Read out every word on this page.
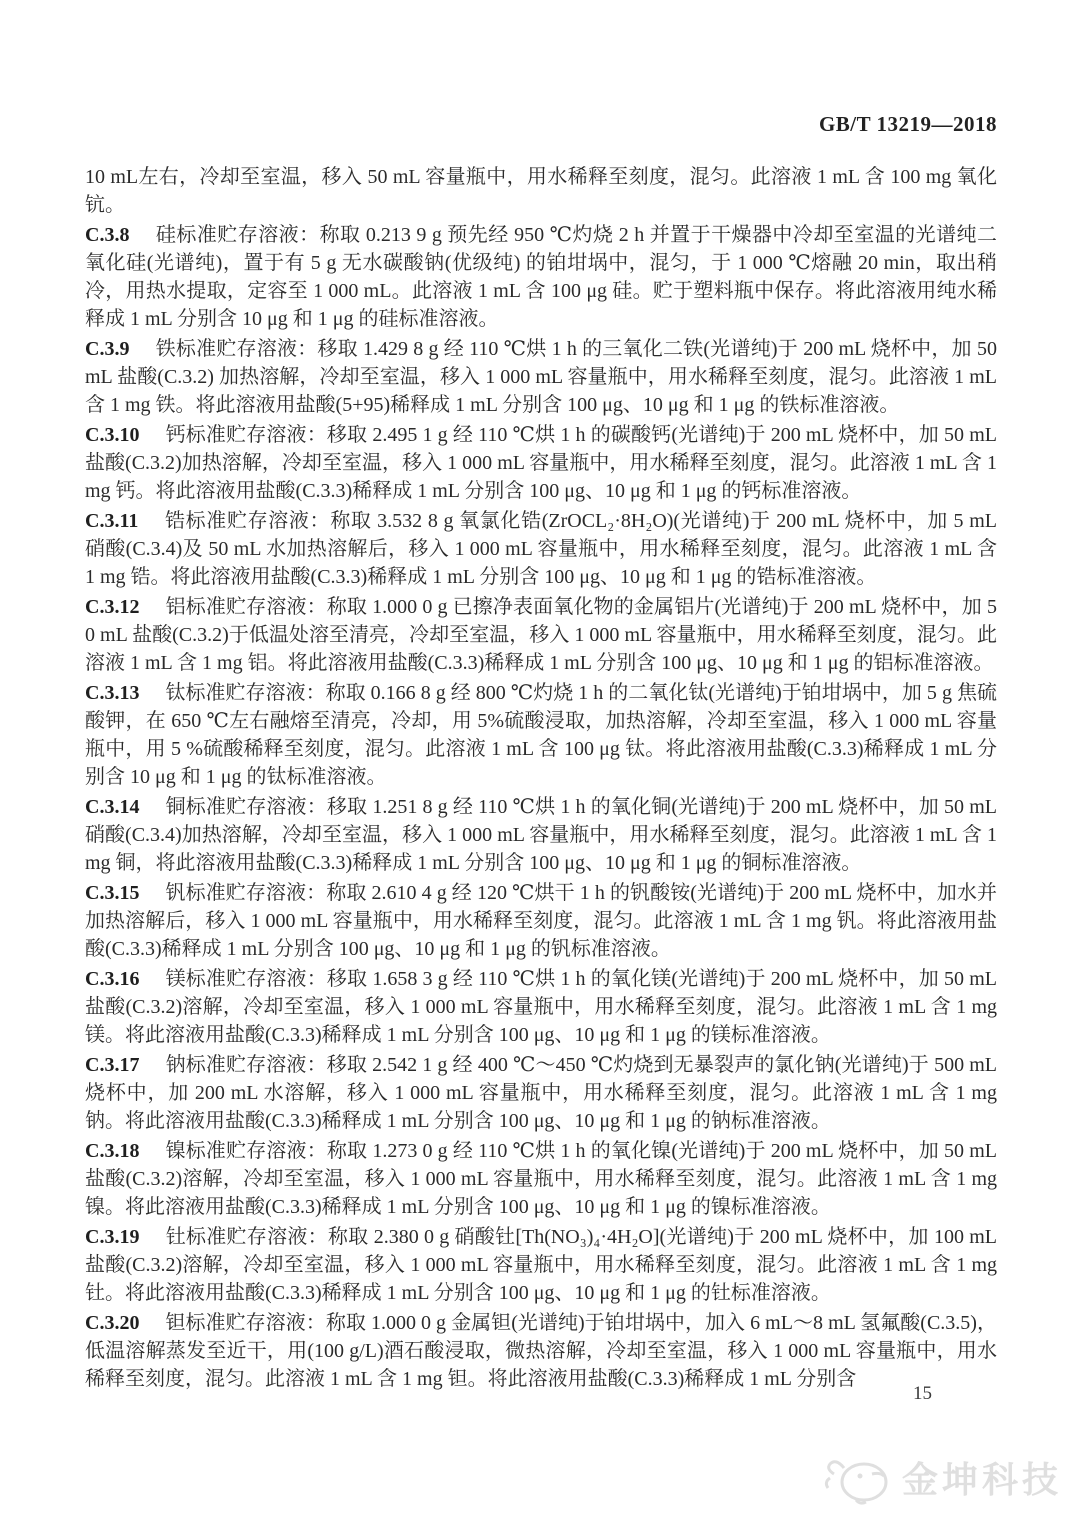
GB/T 13219—2018

10 mL左右，冷却至室温，移入 50 mL 容量瓶中，用水稀释至刻度，混匀。此溶液 1 mL 含 100 mg 氧化钪。

C.3.8 硅标准贮存溶液：称取 0.213 9 g 预先经 950 ℃灼烧 2 h 并置于干燥器中冷却至室温的光谱纯二氧化硅(光谱纯)，置于有 5 g 无水碳酸钠(优级纯) 的铂坩埚中，混匀，于 1 000 ℃熔融 20 min，取出稍冷，用热水提取，定容至 1 000 mL。此溶液 1 mL 含 100 μg 硅。贮于塑料瓶中保存。将此溶液用纯水稀释成 1 mL 分别含 10 μg 和 1 μg 的硅标准溶液。

C.3.9 铁标准贮存溶液：移取 1.429 8 g 经 110 ℃烘 1 h 的三氧化二铁(光谱纯)于 200 mL 烧杯中，加 50 mL 盐酸(C.3.2) 加热溶解，冷却至室温，移入 1 000 mL 容量瓶中，用水稀释至刻度，混匀。此溶液 1 mL 含 1 mg 铁。将此溶液用盐酸(5+95)稀释成 1 mL 分别含 100 μg、10 μg 和 1 μg 的铁标准溶液。

C.3.10 钙标准贮存溶液：移取 2.495 1 g 经 110 ℃烘 1 h 的碳酸钙(光谱纯)于 200 mL 烧杯中，加 50 mL 盐酸(C.3.2)加热溶解，冷却至室温，移入 1 000 mL 容量瓶中，用水稀释至刻度，混匀。此溶液 1 mL 含 1 mg 钙。将此溶液用盐酸(C.3.3)稀释成 1 mL 分别含 100 μg、10 μg 和 1 μg 的钙标准溶液。

C.3.11 锆标准贮存溶液：称取 3.532 8 g 氧氯化锆(ZrOCL₂·8H₂O)(光谱纯)于 200 mL 烧杯中，加 5 mL 硝酸(C.3.4)及 50 mL 水加热溶解后，移入 1 000 mL 容量瓶中，用水稀释至刻度，混匀。此溶液 1 mL 含 1 mg 锆。将此溶液用盐酸(C.3.3)稀释成 1 mL 分别含 100 μg、10 μg 和 1 μg 的锆标准溶液。

C.3.12 铝标准贮存溶液：称取 1.000 0 g 已擦净表面氧化物的金属铝片(光谱纯)于 200 mL 烧杯中，加 50 mL 盐酸(C.3.2)于低温处溶至清亮，冷却至室温，移入 1 000 mL 容量瓶中，用水稀释至刻度，混匀。此溶液 1 mL 含 1 mg 铝。将此溶液用盐酸(C.3.3)稀释成 1 mL 分别含 100 μg、10 μg 和 1 μg 的铝标准溶液。

C.3.13 钛标准贮存溶液：称取 0.166 8 g 经 800 ℃灼烧 1 h 的二氧化钛(光谱纯)于铂坩埚中，加 5 g 焦硫酸钾，在 650 ℃左右融熔至清亮，冷却，用 5%硫酸浸取，加热溶解，冷却至室温，移入 1 000 mL 容量瓶中，用 5 %硫酸稀释至刻度，混匀。此溶液 1 mL 含 100 μg 钛。将此溶液用盐酸(C.3.3)稀释成 1 mL 分别含 10 μg 和 1 μg 的钛标准溶液。

C.3.14 铜标准贮存溶液：移取 1.251 8 g 经 110 ℃烘 1 h 的氧化铜(光谱纯)于 200 mL 烧杯中，加 50 mL 硝酸(C.3.4)加热溶解，冷却至室温，移入 1 000 mL 容量瓶中，用水稀释至刻度，混匀。此溶液 1 mL 含 1 mg 铜，将此溶液用盐酸(C.3.3)稀释成 1 mL 分别含 100 μg、10 μg 和 1 μg 的铜标准溶液。

C.3.15 钒标准贮存溶液：称取 2.610 4 g 经 120 ℃烘干 1 h 的钒酸铵(光谱纯)于 200 mL 烧杯中，加水并加热溶解后，移入 1 000 mL 容量瓶中，用水稀释至刻度，混匀。此溶液 1 mL 含 1 mg 钒。将此溶液用盐酸(C.3.3)稀释成 1 mL 分别含 100 μg、10 μg 和 1 μg 的钒标准溶液。

C.3.16 镁标准贮存溶液：移取 1.658 3 g 经 110 ℃烘 1 h 的氧化镁(光谱纯)于 200 mL 烧杯中，加 50 mL 盐酸(C.3.2)溶解，冷却至室温，移入 1 000 mL 容量瓶中，用水稀释至刻度，混匀。此溶液 1 mL 含 1 mg 镁。将此溶液用盐酸(C.3.3)稀释成 1 mL 分别含 100 μg、10 μg 和 1 μg 的镁标准溶液。

C.3.17 钠标准贮存溶液：移取 2.542 1 g 经 400 ℃～450 ℃灼烧到无暴裂声的氯化钠(光谱纯)于 500 mL 烧杯中，加 200 mL 水溶解，移入 1 000 mL 容量瓶中，用水稀释至刻度，混匀。此溶液 1 mL 含 1 mg 钠。将此溶液用盐酸(C.3.3)稀释成 1 mL 分别含 100 μg、10 μg 和 1 μg 的钠标准溶液。

C.3.18 镍标准贮存溶液：称取 1.273 0 g 经 110 ℃烘 1 h 的氧化镍(光谱纯)于 200 mL 烧杯中，加 50 mL 盐酸(C.3.2)溶解，冷却至室温，移入 1 000 mL 容量瓶中，用水稀释至刻度，混匀。此溶液 1 mL 含 1 mg 镍。将此溶液用盐酸(C.3.3)稀释成 1 mL 分别含 100 μg、10 μg 和 1 μg 的镍标准溶液。

C.3.19 钍标准贮存溶液：称取 2.380 0 g 硝酸钍[Th(NO₃)₄·4H₂O](光谱纯)于 200 mL 烧杯中，加 100 mL 盐酸(C.3.2)溶解，冷却至室温，移入 1 000 mL 容量瓶中，用水稀释至刻度，混匀。此溶液 1 mL 含 1 mg 钍。将此溶液用盐酸(C.3.3)稀释成 1 mL 分别含 100 μg、10 μg 和 1 μg 的钍标准溶液。

C.3.20 钽标准贮存溶液：称取 1.000 0 g 金属钽(光谱纯)于铂坩埚中，加入 6 mL～8 mL 氢氟酸(C.3.5)，低温溶解蒸发至近干，用(100 g/L)酒石酸浸取，微热溶解，冷却至室温，移入 1 000 mL 容量瓶中，用水稀释至刻度，混匀。此溶液 1 mL 含 1 mg 钽。将此溶液用盐酸(C.3.3)稀释成 1 mL 分别含

15
金坤科技
